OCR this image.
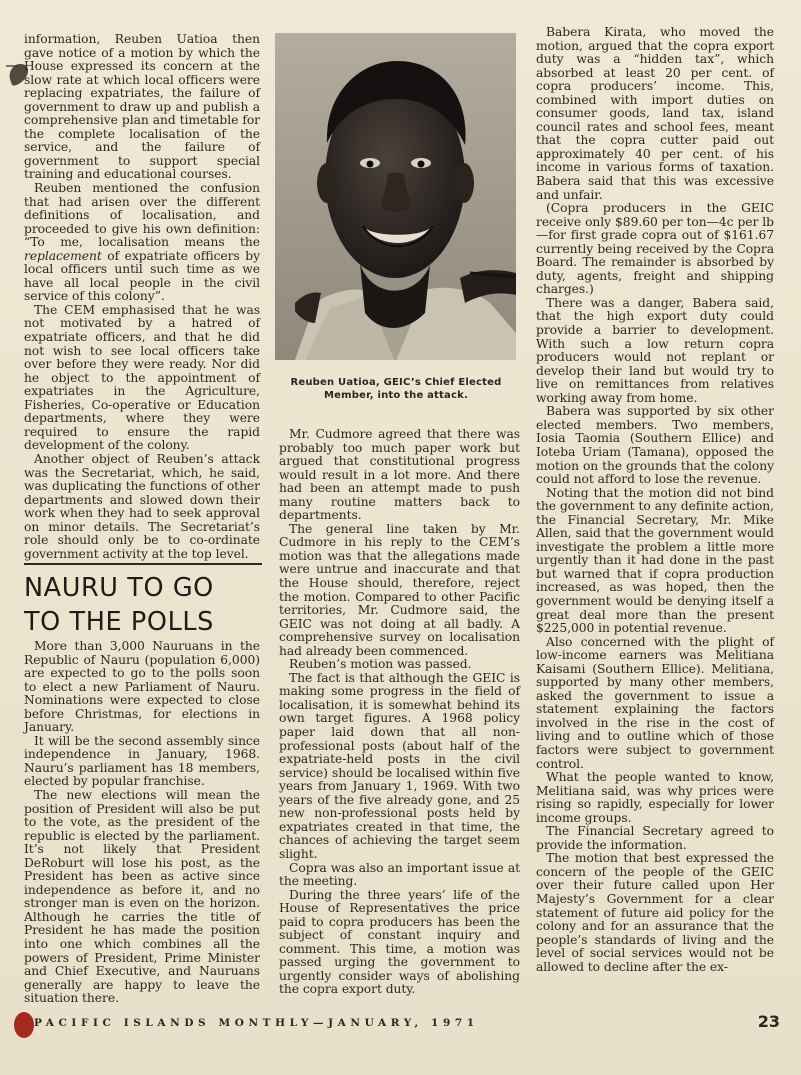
information, Reuben Uatioa then gave notice of a motion by which the House expressed its concern at the slow rate at which local officers were replacing expatriates, the failure of government to draw up and publish a comprehensive plan and timetable for the complete localisation of the service, and the failure of government to support special training and educational courses.

Reuben mentioned the confusion that had arisen over the different definitions of localisation, and proceeded to give his own definition: “To me, localisation means the replacement of expatriate officers by local officers until such time as we have all local people in the civil service of this colony”.

The CEM emphasised that he was not motivated by a hatred of expatriate officers, and that he did not wish to see local officers take over before they were ready. Nor did he object to the appointment of expatriates in the Agriculture, Fisheries, Co-operative or Education departments, where they were required to ensure the rapid development of the colony.

Another object of Reuben’s attack was the Secretariat, which, he said, was duplicating the functions of other departments and slowed down their work when they had to seek approval on minor details. The Secretariat’s role should only be to co-ordinate government activity at the top level.

NAURU TO GO
TO THE POLLS

More than 3,000 Nauruans in the Republic of Nauru (population 6,000) are expected to go to the polls soon to elect a new Parliament of Nauru. Nominations were expected to close before Christmas, for elections in January.

It will be the second assembly since independence in January, 1968. Nauru’s parliament has 18 members, elected by popular franchise.

The new elections will mean the position of President will also be put to the vote, as the president of the republic is elected by the parliament. It’s not likely that President DeRoburt will lose his post, as the President has been as active since independence as before it, and no stronger man is even on the horizon. Although he carries the title of President he has made the position into one which combines all the powers of President, Prime Minister and Chief Executive, and Nauruans generally are happy to leave the situation there.

Reuben Uatioa, GEIC’s Chief Elected Member, into the attack.

Mr. Cudmore agreed that there was probably too much paper work but argued that constitutional progress would result in a lot more. And there had been an attempt made to push many routine matters back to departments.

The general line taken by Mr. Cudmore in his reply to the CEM’s motion was that the allegations made were untrue and inaccurate and that the House should, therefore, reject the motion. Compared to other Pacific territories, Mr. Cudmore said, the GEIC was not doing at all badly. A comprehensive survey on localisation had already been commenced.

Reuben’s motion was passed.

The fact is that although the GEIC is making some progress in the field of localisation, it is somewhat behind its own target figures. A 1968 policy paper laid down that all non-professional posts (about half of the expatriate-held posts in the civil service) should be localised within five years from January 1, 1969. With two years of the five already gone, and 25 new non-professional posts held by expatriates created in that time, the chances of achieving the target seem slight.

Copra was also an important issue at the meeting.

During the three years’ life of the House of Representatives the price paid to copra producers has been the subject of constant inquiry and comment. This time, a motion was passed urging the government to urgently consider ways of abolishing the copra export duty.

Babera Kirata, who moved the motion, argued that the copra export duty was a “hidden tax”, which absorbed at least 20 per cent. of copra producers’ income. This, combined with import duties on consumer goods, land tax, island council rates and school fees, meant that the copra cutter paid out approximately 40 per cent. of his income in various forms of taxation. Babera said that this was excessive and unfair.

(Copra producers in the GEIC receive only $89.60 per ton—4c per lb—for first grade copra out of $161.67 currently being received by the Copra Board. The remainder is absorbed by duty, agents, freight and shipping charges.)

There was a danger, Babera said, that the high export duty could provide a barrier to development. With such a low return copra producers would not replant or develop their land but would try to live on remittances from relatives working away from home.

Babera was supported by six other elected members. Two members, Iosia Taomia (Southern Ellice) and Ioteba Uriam (Tamana), opposed the motion on the grounds that the colony could not afford to lose the revenue.

Noting that the motion did not bind the government to any definite action, the Financial Secretary, Mr. Mike Allen, said that the government would investigate the problem a little more urgently than it had done in the past but warned that if copra production increased, as was hoped, then the government would be denying itself a great deal more than the present $225,000 in potential revenue.

Also concerned with the plight of low-income earners was Melitiana Kaisami (Southern Ellice). Melitiana, supported by many other members, asked the government to issue a statement explaining the factors involved in the rise in the cost of living and to outline which of those factors were subject to government control.

What the people wanted to know, Melitiana said, was why prices were rising so rapidly, especially for lower income groups.

The Financial Secretary agreed to provide the information.

The motion that best expressed the concern of the people of the GEIC over their future called upon Her Majesty’s Government for a clear statement of future aid policy for the colony and for an assurance that the people’s standards of living and the level of social services would not be allowed to decline after the ex-

PACIFIC ISLANDS MONTHLY—JANUARY, 1971	23
